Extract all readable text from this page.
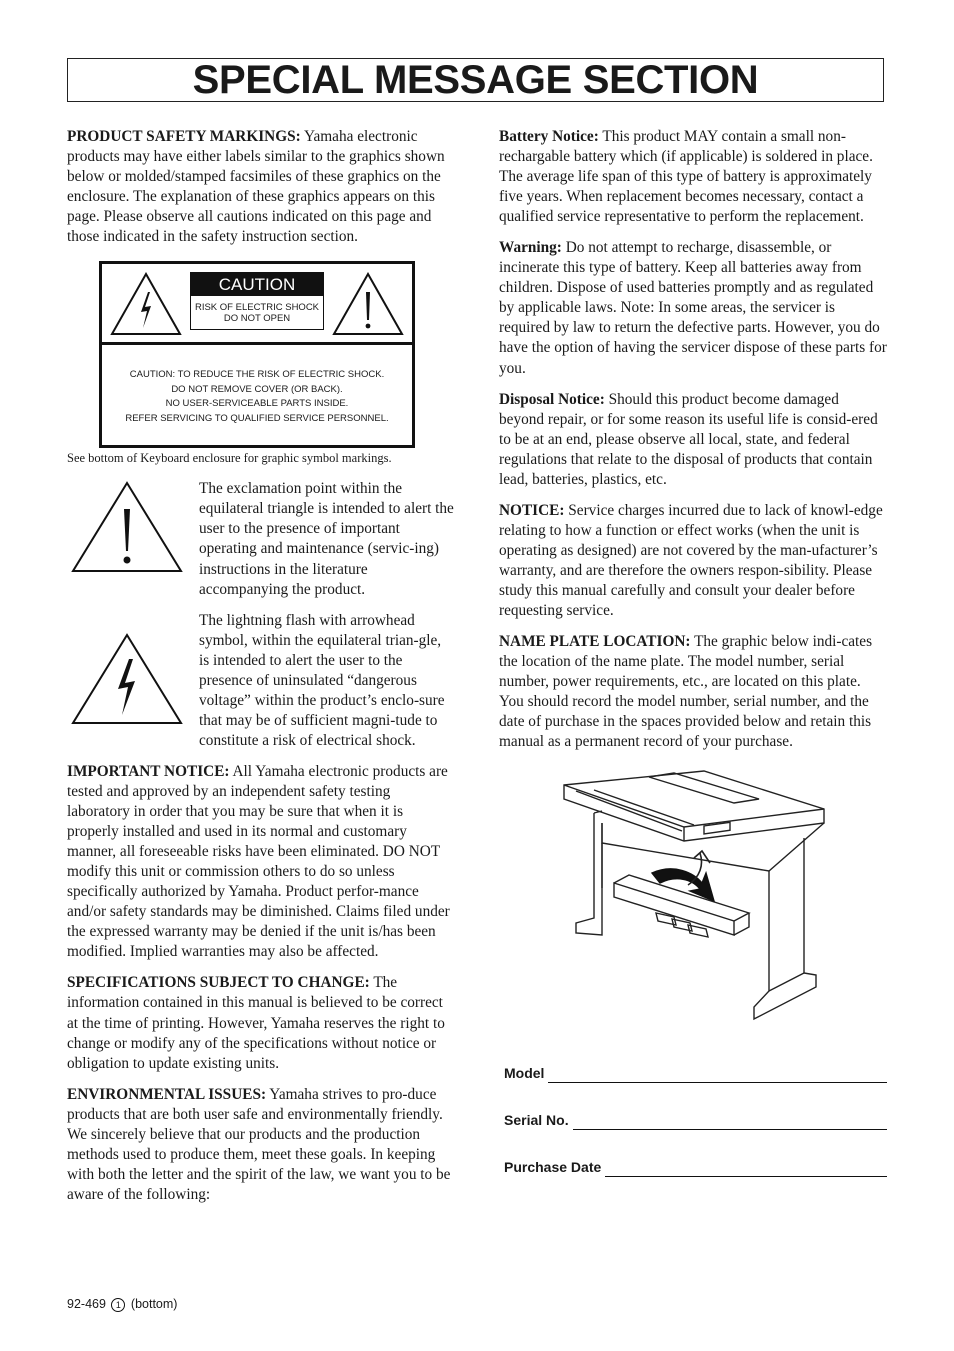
SPECIAL MESSAGE SECTION

PRODUCT SAFETY MARKINGS: Yamaha electronic products may have either labels similar to the graphics shown below or molded/stamped facsimiles of these graphics on the enclosure. The explanation of these graphics appears on this page. Please observe all cautions indicated on this page and those indicated in the safety instruction section.

CAUTION
RISK OF ELECTRIC SHOCK
DO NOT OPEN
CAUTION: TO REDUCE THE RISK OF ELECTRIC SHOCK.
DO NOT REMOVE COVER (OR BACK).
NO USER-SERVICEABLE PARTS INSIDE.
REFER SERVICING TO QUALIFIED SERVICE PERSONNEL.

See bottom of Keyboard enclosure for graphic symbol markings.

The exclamation point within the equilateral triangle is intended to alert the user to the presence of important operating and maintenance (servic-ing) instructions in the literature accompanying the product.

The lightning flash with arrowhead symbol, within the equilateral trian-gle, is intended to alert the user to the presence of uninsulated “dangerous voltage” within the product’s enclo-sure that may be of sufficient magni-tude to constitute a risk of electrical shock.

IMPORTANT NOTICE: All Yamaha electronic products are tested and approved by an independent safety testing laboratory in order that you may be sure that when it is properly installed and used in its normal and customary manner, all foreseeable risks have been eliminated. DO NOT modify this unit or commission others to do so unless specifically authorized by Yamaha. Product perfor-mance and/or safety standards may be diminished. Claims filed under the expressed warranty may be denied if the unit is/has been modified. Implied warranties may also be affected.

SPECIFICATIONS SUBJECT TO CHANGE: The information contained in this manual is believed to be correct at the time of printing. However, Yamaha reserves the right to change or modify any of the specifications without notice or obligation to update existing units.

ENVIRONMENTAL ISSUES: Yamaha strives to pro-duce products that are both user safe and environmentally friendly. We sincerely believe that our products and the production methods used to produce them, meet these goals. In keeping with both the letter and the spirit of the law, we want you to be aware of the following:

Battery Notice: This product MAY contain a small non-rechargable battery which (if applicable) is soldered in place. The average life span of this type of battery is approximately five years. When replacement becomes necessary, contact a qualified service representative to perform the replacement.

Warning: Do not attempt to recharge, disassemble, or incinerate this type of battery. Keep all batteries away from children. Dispose of used batteries promptly and as regulated by applicable laws. Note: In some areas, the servicer is required by law to return the defective parts. However, you do have the option of having the servicer dispose of these parts for you.

Disposal Notice: Should this product become damaged beyond repair, or for some reason its useful life is consid-ered to be at an end, please observe all local, state, and federal regulations that relate to the disposal of products that contain lead, batteries, plastics, etc.

NOTICE: Service charges incurred due to lack of knowl-edge relating to how a function or effect works (when the unit is operating as designed) are not covered by the man-ufacturer’s warranty, and are therefore the owners respon-sibility. Please study this manual carefully and consult your dealer before requesting service.

NAME PLATE LOCATION: The graphic below indi-cates the location of the name plate. The model number, serial number, power requirements, etc., are located on this plate. You should record the model number, serial number, and the date of purchase in the spaces provided below and retain this manual as a permanent record of your purchase.

Model
Serial No.
Purchase Date
92-469 1 (bottom)
